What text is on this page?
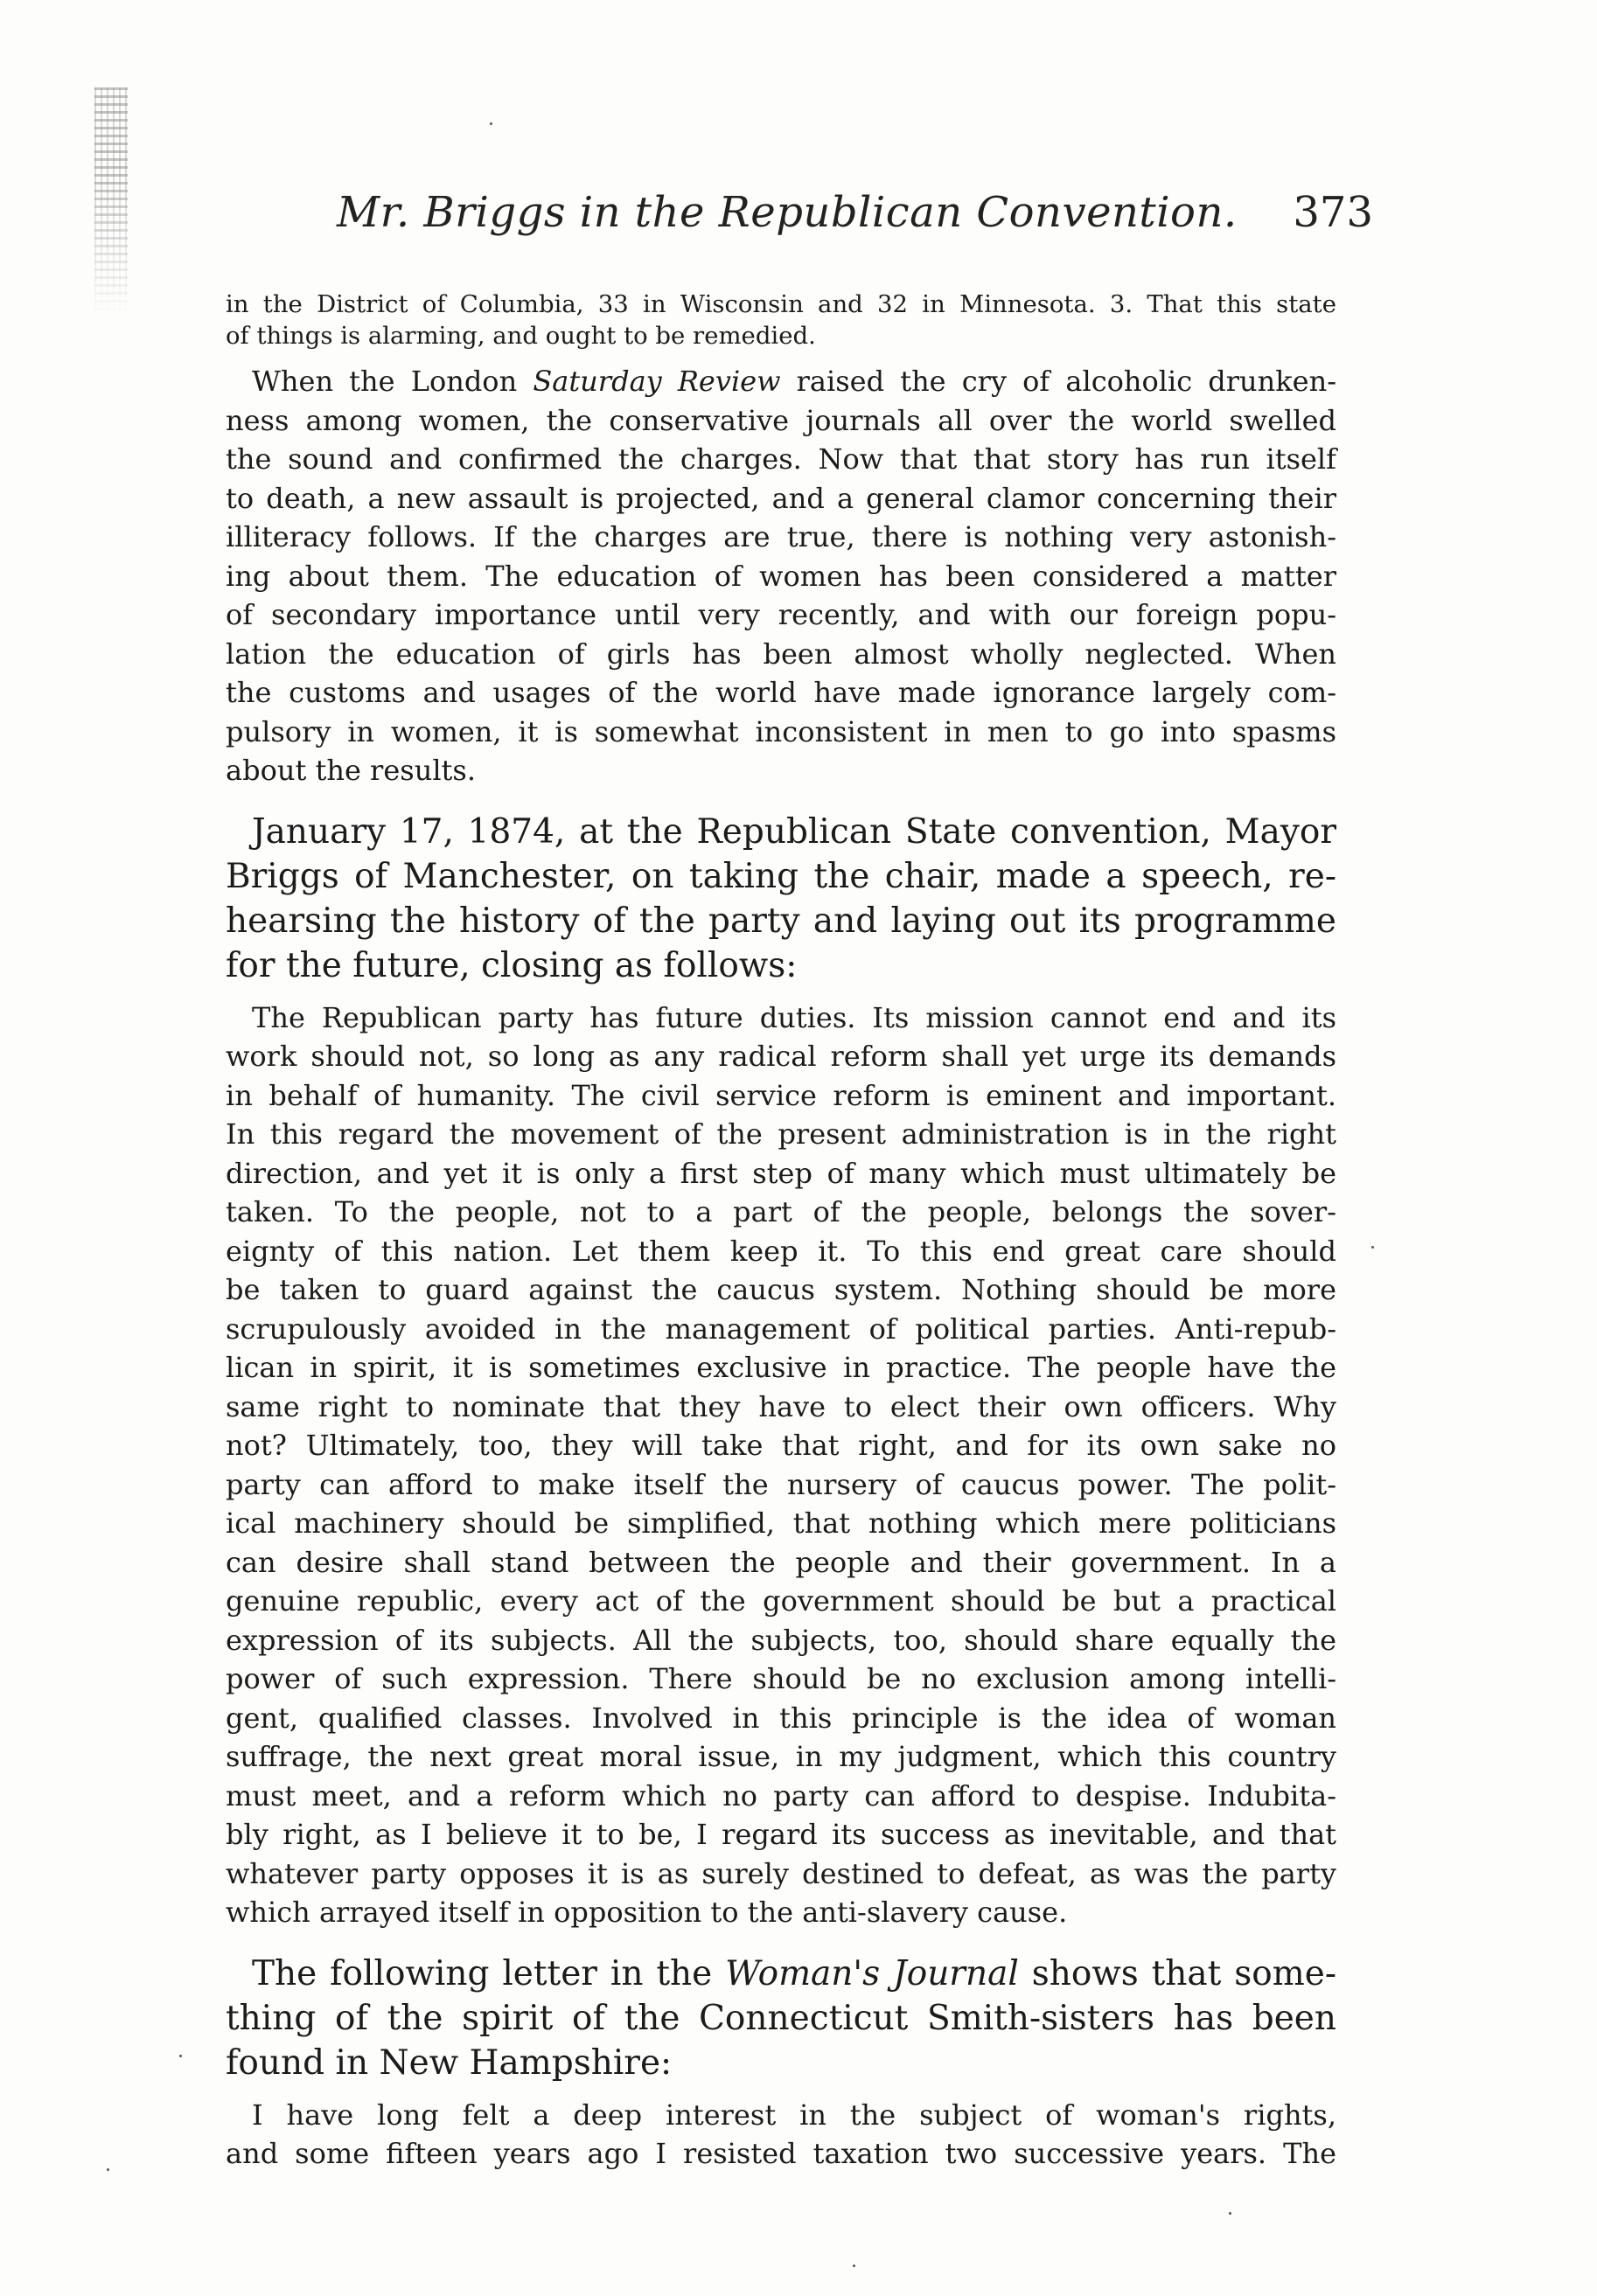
Mr. Briggs in the Republican Convention. 373

in the District of Columbia, 33 in Wisconsin and 32 in Minnesota. 3. That this state
of things is alarming, and ought to be remedied.

When the London Saturday Review raised the cry of alcoholic drunken-
ness among women, the conservative journals all over the world swelled
the sound and confirmed the charges. Now that that story has run itself
to death, a new assault is projected, and a general clamor concerning their
illiteracy follows. If the charges are true, there is nothing very astonish-
ing about them. The education of women has been considered a matter
of secondary importance until very recently, and with our foreign popu-
lation the education of girls has been almost wholly neglected. When
the customs and usages of the world have made ignorance largely com-
pulsory in women, it is somewhat inconsistent in men to go into spasms
about the results.

January 17, 1874, at the Republican State convention, Mayor
Briggs of Manchester, on taking the chair, made a speech, re-
hearsing the history of the party and laying out its programme
for the future, closing as follows:

The Republican party has future duties. Its mission cannot end and its
work should not, so long as any radical reform shall yet urge its demands
in behalf of humanity. The civil service reform is eminent and important.
In this regard the movement of the present administration is in the right
direction, and yet it is only a first step of many which must ultimately be
taken. To the people, not to a part of the people, belongs the sover-
eignty of this nation. Let them keep it. To this end great care should
be taken to guard against the caucus system. Nothing should be more
scrupulously avoided in the management of political parties. Anti-repub-
lican in spirit, it is sometimes exclusive in practice. The people have the
same right to nominate that they have to elect their own officers. Why
not? Ultimately, too, they will take that right, and for its own sake no
party can afford to make itself the nursery of caucus power. The polit-
ical machinery should be simplified, that nothing which mere politicians
can desire shall stand between the people and their government. In a
genuine republic, every act of the government should be but a practical
expression of its subjects. All the subjects, too, should share equally the
power of such expression. There should be no exclusion among intelli-
gent, qualified classes. Involved in this principle is the idea of woman
suffrage, the next great moral issue, in my judgment, which this country
must meet, and a reform which no party can afford to despise. Indubita-
bly right, as I believe it to be, I regard its success as inevitable, and that
whatever party opposes it is as surely destined to defeat, as was the party
which arrayed itself in opposition to the anti-slavery cause.

The following letter in the Woman's Journal shows that some-
thing of the spirit of the Connecticut Smith-sisters has been
found in New Hampshire:

I have long felt a deep interest in the subject of woman's rights,
and some fifteen years ago I resisted taxation two successive years. The
